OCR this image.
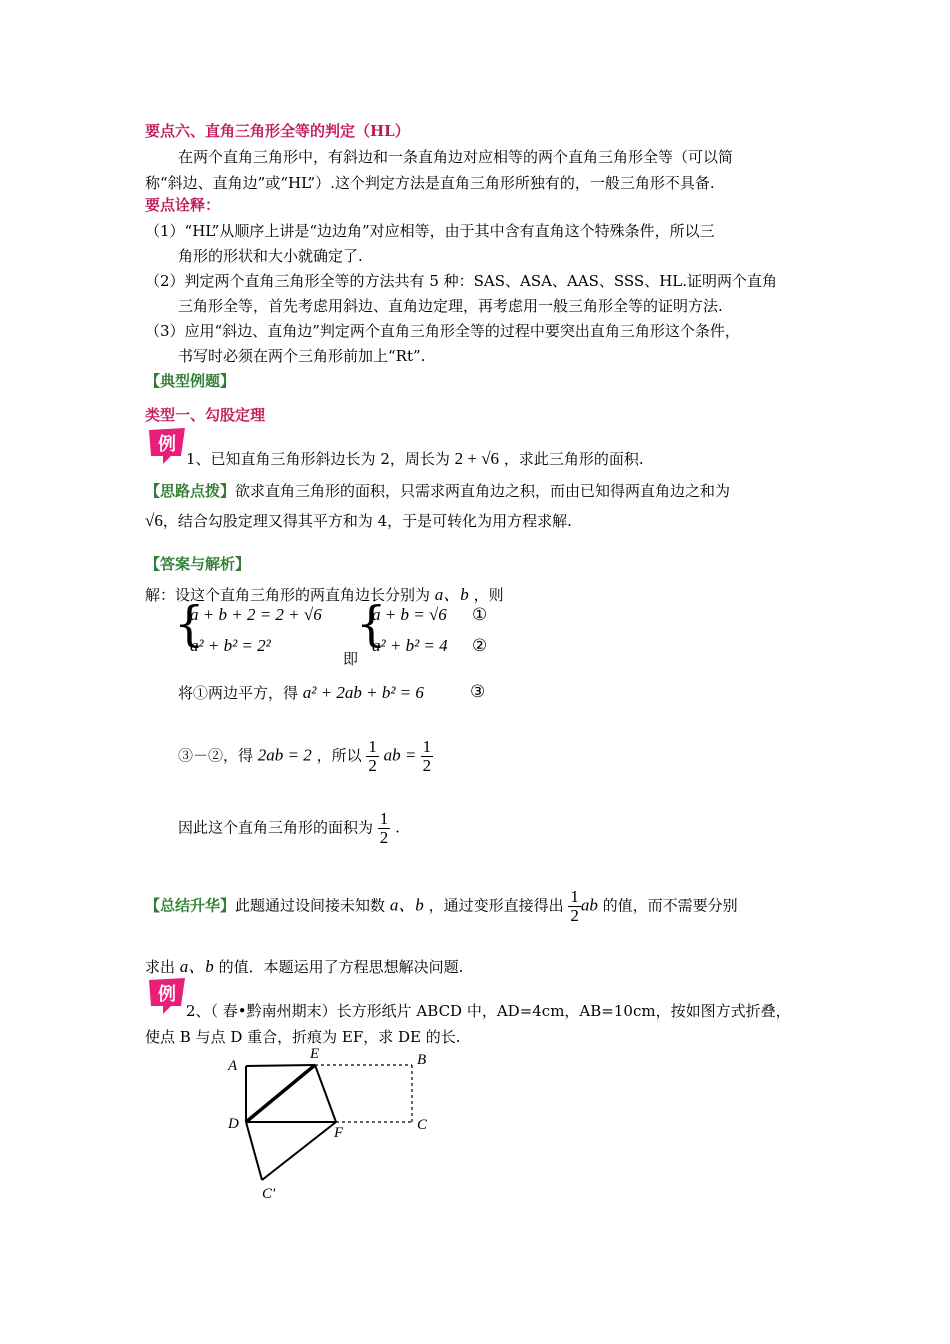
要点六、直角三角形全等的判定（HL）
在两个直角三角形中，有斜边和一条直角边对应相等的两个直角三角形全等（可以简
称“斜边、直角边”或“HL”）.这个判定方法是直角三角形所独有的，一般三角形不具备.
要点诠释：
（1）“HL”从顺序上讲是“边边角”对应相等，由于其中含有直角这个特殊条件，所以三
角形的形状和大小就确定了.
（2）判定两个直角三角形全等的方法共有 5 种：SAS、ASA、AAS、SSS、HL.证明两个直角
三角形全等，首先考虑用斜边、直角边定理，再考虑用一般三角形全等的证明方法.
（3）应用“斜边、直角边”判定两个直角三角形全等的过程中要突出直角三角形这个条件，
书写时必须在两个三角形前加上“Rt”.
【典型例题】
类型一、勾股定理
例
1、已知直角三角形斜边长为 2，周长为 2 + √6 ，求此三角形的面积.
【思路点拨】欲求直角三角形的面积，只需求两直角边之积，而由已知得两直角边之和为
√6，结合勾股定理又得其平方和为 4，于是可转化为用方程求解.
【答案与解析】
解：设这个直角三角形的两直角边长分别为 a、b ，则
{
a + b + 2 = 2 + √6
a² + b² = 2²
即
{
a + b = √6
a² + b² = 4
①
②
将①两边平方，得 a² + 2ab + b² = 6	③
③－②，得 2ab = 2 ，所以 $\frac{1}{2}$ ab = $\frac{1}{2}$
因此这个直角三角形的面积为 $\frac{1}{2}$ .
【总结升华】此题通过设间接未知数 a、b ，通过变形直接得出 $\frac{1}{2}$ ab 的值，而不需要分别
求出 a、b 的值．本题运用了方程思想解决问题.
例
2、（ 春•黔南州期末）长方形纸片 ABCD 中，AD=4cm，AB=10cm，按如图方式折叠，
使点 B 与点 D 重合，折痕为 EF，求 DE 的长.
A	B
C
D
E
F
C′
